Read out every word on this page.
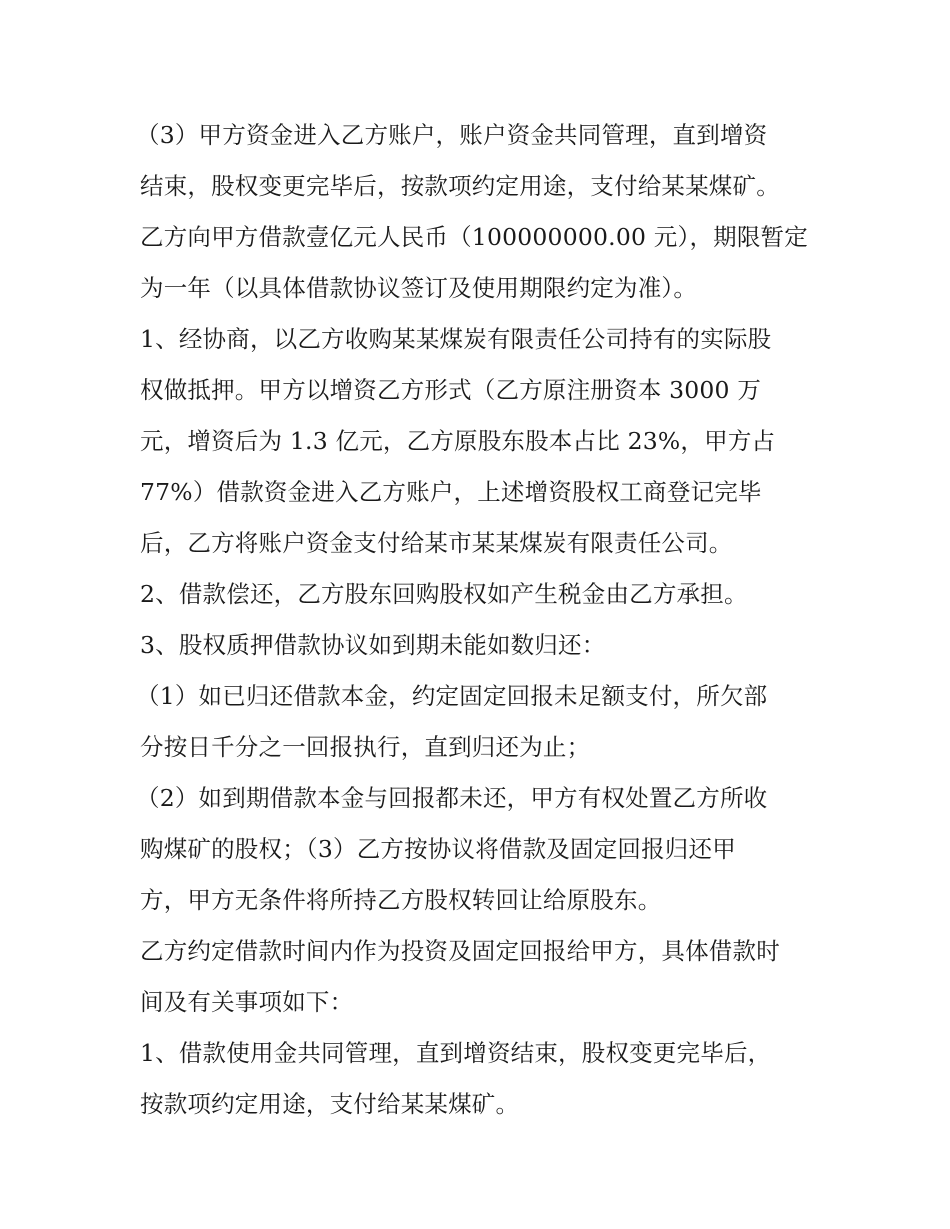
（3）甲方资金进入乙方账户，账户资金共同管理，直到增资
结束，股权变更完毕后，按款项约定用途，支付给某某煤矿。
乙方向甲方借款壹亿元人民币（100000000.00 元），期限暂定
为一年（以具体借款协议签订及使用期限约定为准）。
1、经协商，以乙方收购某某煤炭有限责任公司持有的实际股
权做抵押。甲方以增资乙方形式（乙方原注册资本 3000 万
元，增资后为 1.3 亿元，乙方原股东股本占比 23%，甲方占
77%）借款资金进入乙方账户，上述增资股权工商登记完毕
后，乙方将账户资金支付给某市某某煤炭有限责任公司。
2、借款偿还，乙方股东回购股权如产生税金由乙方承担。
3、股权质押借款协议如到期未能如数归还：
（1）如已归还借款本金，约定固定回报未足额支付，所欠部
分按日千分之一回报执行，直到归还为止；
（2）如到期借款本金与回报都未还，甲方有权处置乙方所收
购煤矿的股权；（3）乙方按协议将借款及固定回报归还甲
方，甲方无条件将所持乙方股权转回让给原股东。
乙方约定借款时间内作为投资及固定回报给甲方，具体借款时
间及有关事项如下：
1、借款使用金共同管理，直到增资结束，股权变更完毕后，
按款项约定用途，支付给某某煤矿。
